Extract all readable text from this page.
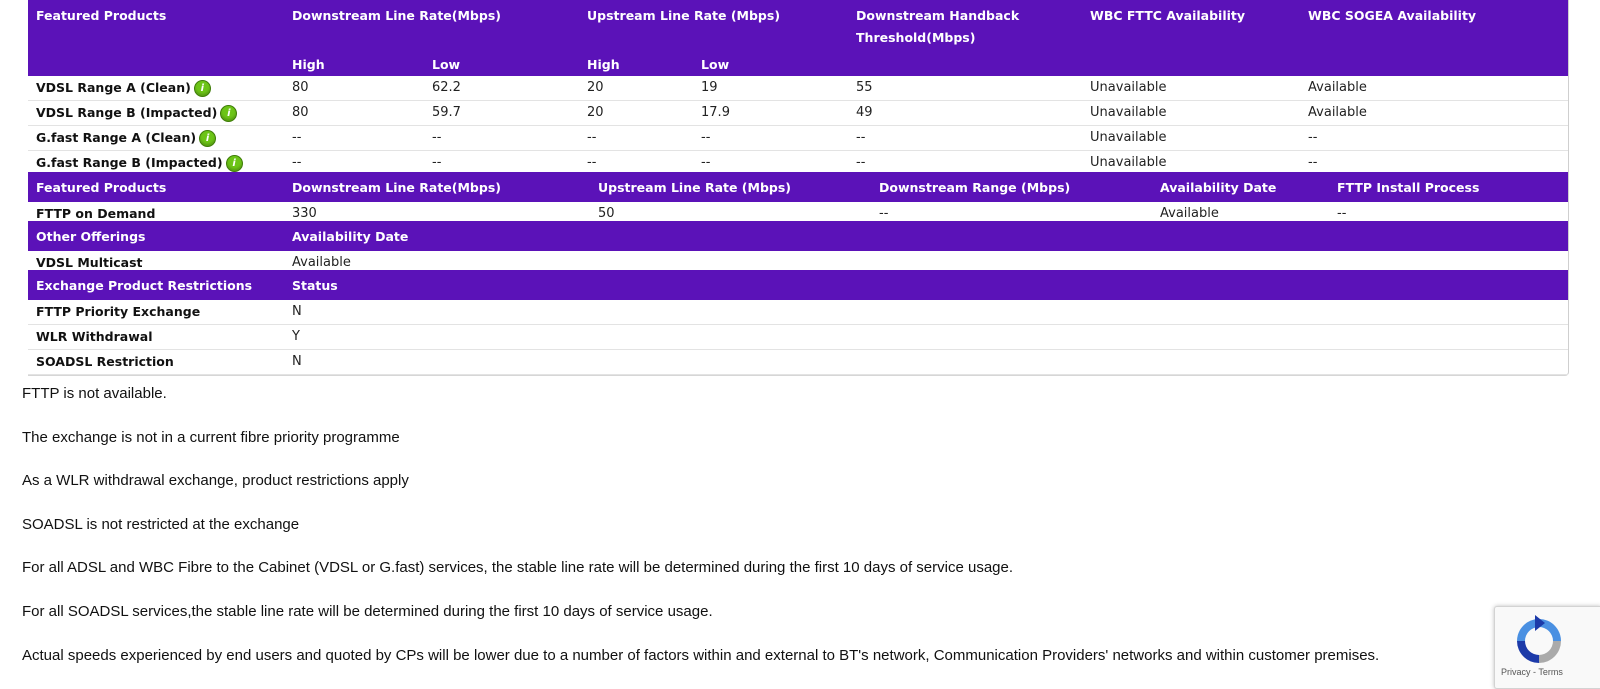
Featured Products	Downstream Line Rate(Mbps)		Upstream Line Rate (Mbps)		Downstream Handback Threshold(Mbps)	WBC FTTC Availability	WBC SOGEA Availability
	High	Low	High	Low			
VDSL Range A (Clean) i	80	62.2	20	19	55	Unavailable	Available
VDSL Range B (Impacted) i	80	59.7	20	17.9	49	Unavailable	Available
G.fast Range A (Clean) i	--	--	--	--	--	Unavailable	--
G.fast Range B (Impacted) i	--	--	--	--	--	Unavailable	--
Featured Products	Downstream Line Rate(Mbps)	Upstream Line Rate (Mbps)	Downstream Range (Mbps)	Availability Date	FTTP Install Process
FTTP on Demand	330	50	--	Available	--
Other Offerings	Availability Date
VDSL Multicast	Available
Exchange Product Restrictions	Status
FTTP Priority Exchange	N
WLR Withdrawal	Y
SOADSL Restriction	N

FTTP is not available.

The exchange is not in a current fibre priority programme

As a WLR withdrawal exchange, product restrictions apply

SOADSL is not restricted at the exchange

For all ADSL and WBC Fibre to the Cabinet (VDSL or G.fast) services, the stable line rate will be determined during the first 10 days of service usage.

For all SOADSL services,the stable line rate will be determined during the first 10 days of service usage.

Actual speeds experienced by end users and quoted by CPs will be lower due to a number of factors within and external to BT's network, Communication Providers' networks and within customer premises.

Privacy - Terms
